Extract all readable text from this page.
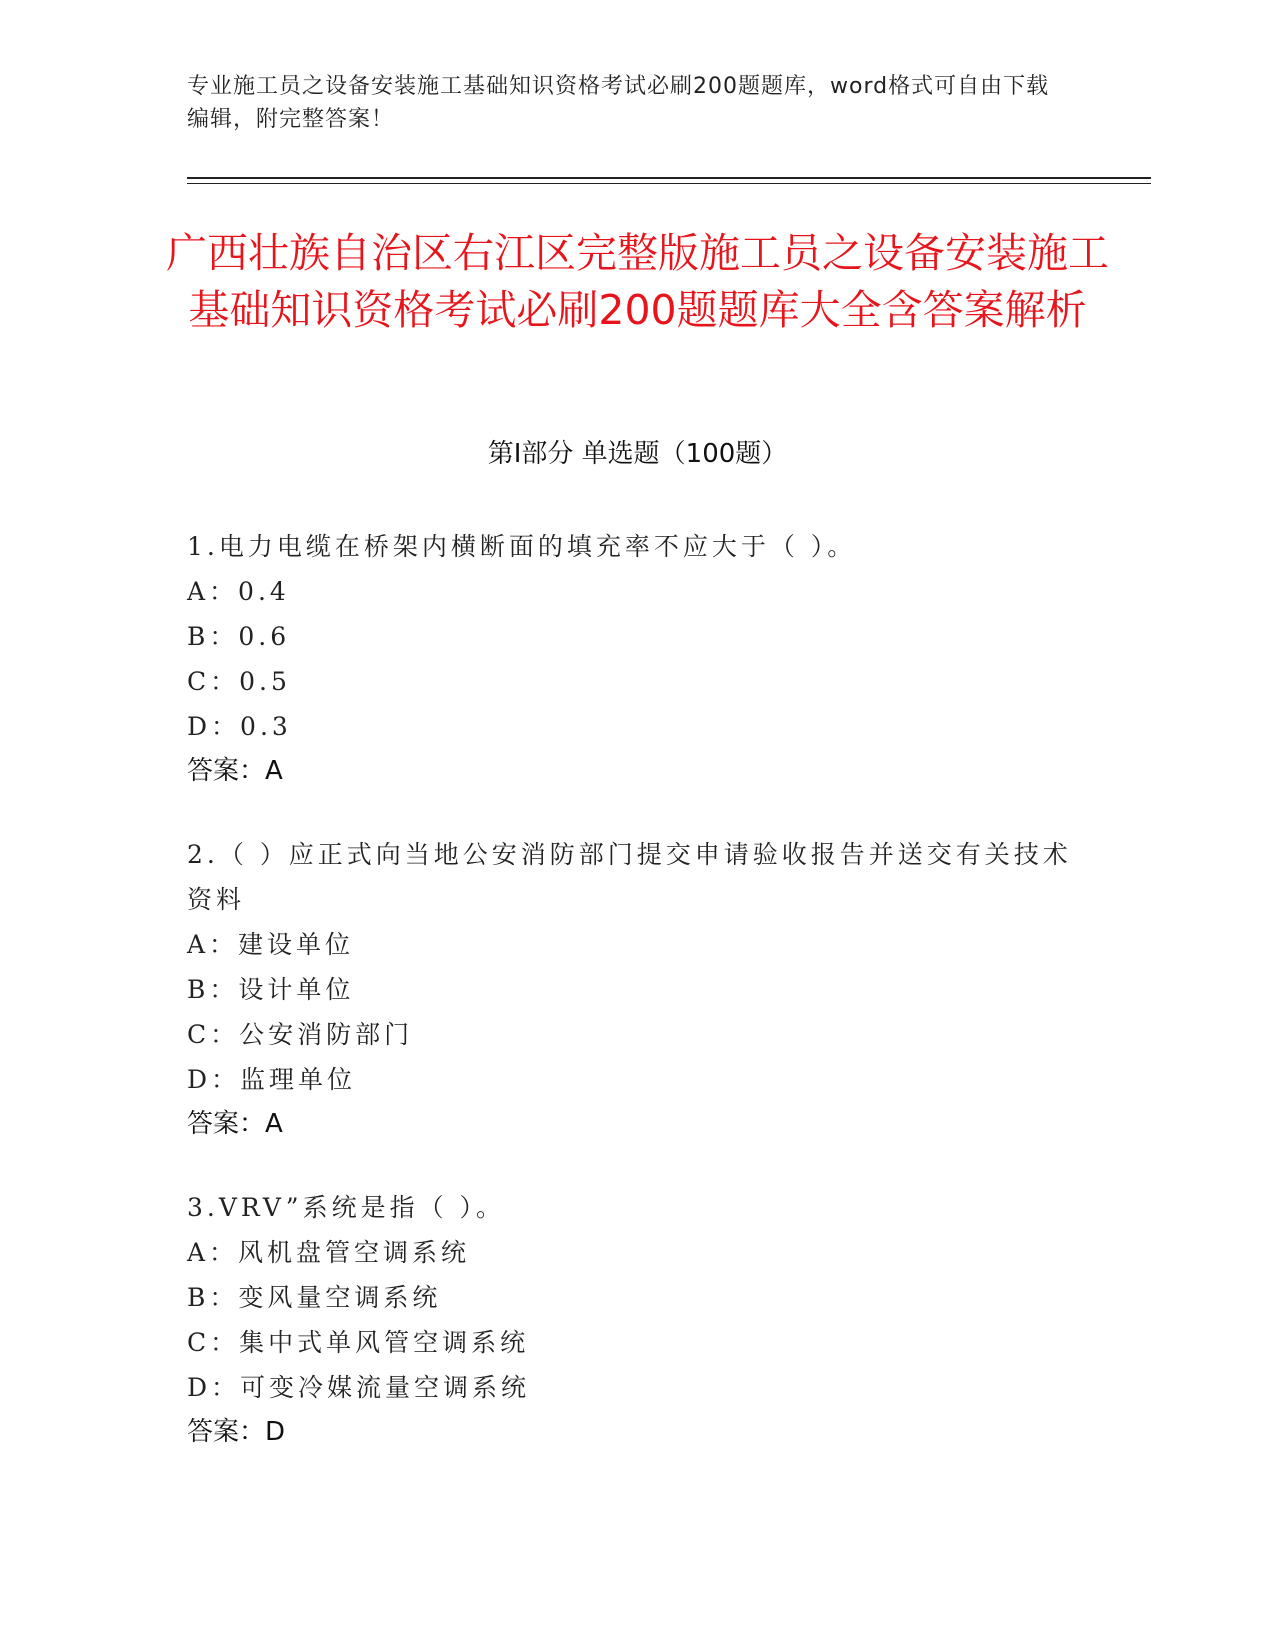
专业施工员之设备安装施工基础知识资格考试必刷200题题库，word格式可自由下载编辑，附完整答案！
广西壮族自治区右江区完整版施工员之设备安装施工基础知识资格考试必刷200题题库大全含答案解析
第Ⅰ部分 单选题（100题）

1.电力电缆在桥架内横断面的填充率不应大于（ ）。

A：0.4

B：0.6

C：0.5

D：0.3

答案：A

2.（ ）应正式向当地公安消防部门提交申请验收报告并送交有关技术资料

A：建设单位

B：设计单位

C：公安消防部门

D：监理单位

答案：A

3.VRV”系统是指（ ）。

A：风机盘管空调系统

B：变风量空调系统

C：集中式单风管空调系统

D：可变冷媒流量空调系统

答案：D
